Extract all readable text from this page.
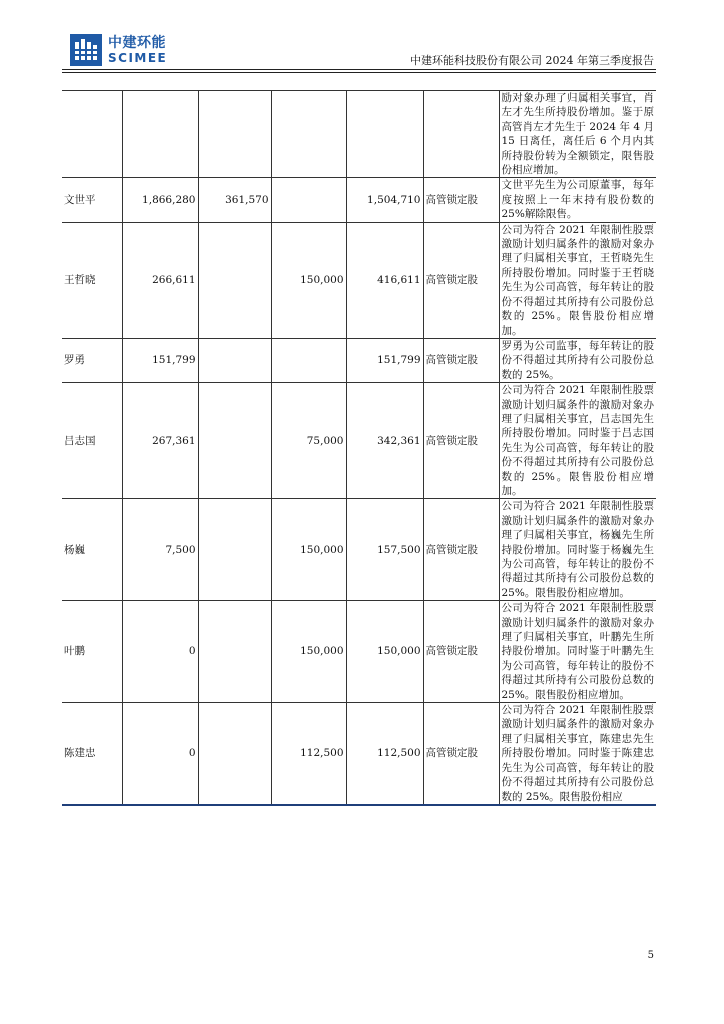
中建环能
SCIMEE	中建环能科技股份有限公司 2024 年第三季度报告
						励对象办理了归属相关事宜，肖左才先生所持股份增加。鉴于原高管肖左才先生于 2024 年 4 月 15 日离任，离任后 6 个月内其所持股份转为全额锁定，限售股份相应增加。
文世平	1,866,280	361,570		1,504,710	高管锁定股	文世平先生为公司原董事，每年度按照上一年末持有股份数的 25%解除限售。
王哲晓	266,611		150,000	416,611	高管锁定股	公司为符合 2021 年限制性股票激励计划归属条件的激励对象办理了归属相关事宜，王哲晓先生所持股份增加。同时鉴于王哲晓先生为公司高管，每年转让的股份不得超过其所持有公司股份总数的 25%。限售股份相应增加。
罗勇	151,799			151,799	高管锁定股	罗勇为公司监事，每年转让的股份不得超过其所持有公司股份总数的 25%。
吕志国	267,361		75,000	342,361	高管锁定股	公司为符合 2021 年限制性股票激励计划归属条件的激励对象办理了归属相关事宜，吕志国先生所持股份增加。同时鉴于吕志国先生为公司高管，每年转让的股份不得超过其所持有公司股份总数的 25%。限售股份相应增加。
杨巍	7,500		150,000	157,500	高管锁定股	公司为符合 2021 年限制性股票激励计划归属条件的激励对象办理了归属相关事宜，杨巍先生所持股份增加。同时鉴于杨巍先生为公司高管，每年转让的股份不得超过其所持有公司股份总数的 25%。限售股份相应增加。
叶鹏	0		150,000	150,000	高管锁定股	公司为符合 2021 年限制性股票激励计划归属条件的激励对象办理了归属相关事宜，叶鹏先生所持股份增加。同时鉴于叶鹏先生为公司高管，每年转让的股份不得超过其所持有公司股份总数的 25%。限售股份相应增加。
陈建忠	0		112,500	112,500	高管锁定股	公司为符合 2021 年限制性股票激励计划归属条件的激励对象办理了归属相关事宜，陈建忠先生所持股份增加。同时鉴于陈建忠先生为公司高管，每年转让的股份不得超过其所持有公司股份总数的 25%。限售股份相应
5
